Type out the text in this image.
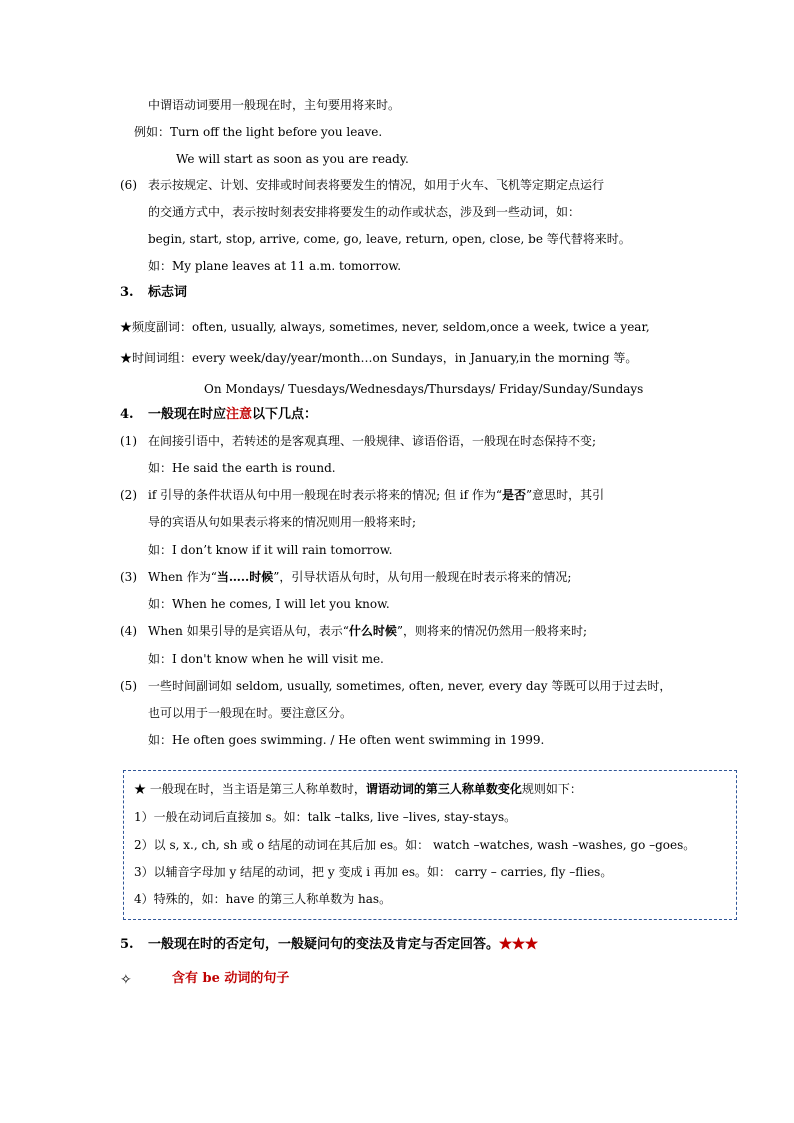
中谓语动词要用一般现在时，主句要用将来时。
例如：Turn off the light before you leave.
We will start as soon as you are ready.
(6) 表示按规定、计划、安排或时间表将要发生的情况，如用于火车、飞机等定期定点运行
的交通方式中，表示按时刻表安排将要发生的动作或状态，涉及到一些动词，如：
begin, start, stop, arrive, come, go, leave, return, open, close, be 等代替将来时。
如：My plane leaves at 11 a.m. tomorrow.
3. 标志词
★频度副词：often, usually, always, sometimes, never, seldom,once a week, twice a year,
★时间词组：every week/day/year/month…on Sundays，in January,in the morning 等。
On Mondays/ Tuesdays/Wednesdays/Thursdays/ Friday/Sunday/Sundays
4. 一般现在时应注意以下几点：
(1) 在间接引语中，若转述的是客观真理、一般规律、谚语俗语，一般现在时态保持不变;
如：He said the earth is round.
(2) if 引导的条件状语从句中用一般现在时表示将来的情况; 但 if 作为“是否”意思时，其引
导的宾语从句如果表示将来的情况则用一般将来时;
如：I don’t know if it will rain tomorrow.
(3) When 作为“当…..时候”，引导状语从句时，从句用一般现在时表示将来的情况;
如：When he comes, I will let you know.
(4) When 如果引导的是宾语从句，表示“什么时候”，则将来的情况仍然用一般将来时;
如：I don't know when he will visit me.
(5) 一些时间副词如 seldom, usually, sometimes, often, never, every day 等既可以用于过去时，
也可以用于一般现在时。要注意区分。
如：He often goes swimming. / He often went swimming in 1999.
★ 一般现在时，当主语是第三人称单数时，谓语动词的第三人称单数变化规则如下：
1）一般在动词后直接加 s。如：talk –talks, live –lives, stay-stays。
2）以 s, x., ch, sh 或 o 结尾的动词在其后加 es。如： watch –watches, wash –washes, go –goes。
3）以辅音字母加 y 结尾的动词，把 y 变成 i 再加 es。如： carry – carries, fly –flies。
4）特殊的，如：have 的第三人称单数为 has。
5. 一般现在时的否定句，一般疑问句的变法及肯定与否定回答。★★★
✧	含有 be 动词的句子
